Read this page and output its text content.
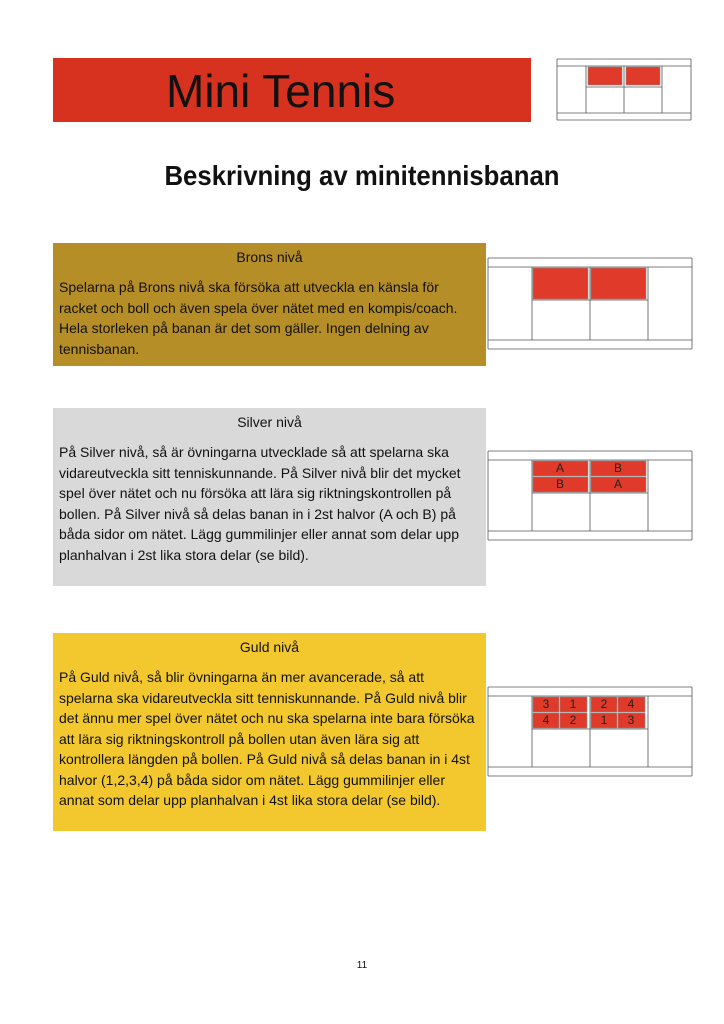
Mini Tennis
Beskrivning av minitennisbanan
Brons nivå
Spelarna på Brons nivå ska försöka att utveckla en känsla för racket och boll och även spela över nätet med en kompis/coach. Hela storleken på banan är det som gäller. Ingen delning av tennisbanan.
Silver nivå
På Silver nivå, så är övningarna utvecklade så att spelarna ska vidareutveckla sitt tenniskunnande. På Silver nivå blir det mycket spel över nätet och nu försöka att lära sig riktningskontrollen på bollen. På Silver nivå så delas banan in i 2st halvor (A och B) på båda sidor om nätet. Lägg gummilinjer eller annat som delar upp planhalvan i 2st lika stora delar (se bild).
A	B
B	A
Guld nivå
På Guld nivå, så blir övningarna än mer avancerade, så att spelarna ska vidareutveckla sitt tenniskunnande. På Guld nivå blir det ännu mer spel över nätet och nu ska spelarna inte bara försöka att lära sig riktningskontroll på bollen utan även lära sig att kontrollera längden på bollen. På Guld nivå så delas banan in i 4st halvor (1,2,3,4) på båda sidor om nätet. Lägg gummilinjer eller annat som delar upp planhalvan i 4st lika stora delar (se bild).
3 1 2 4
4 2 1 3
11
